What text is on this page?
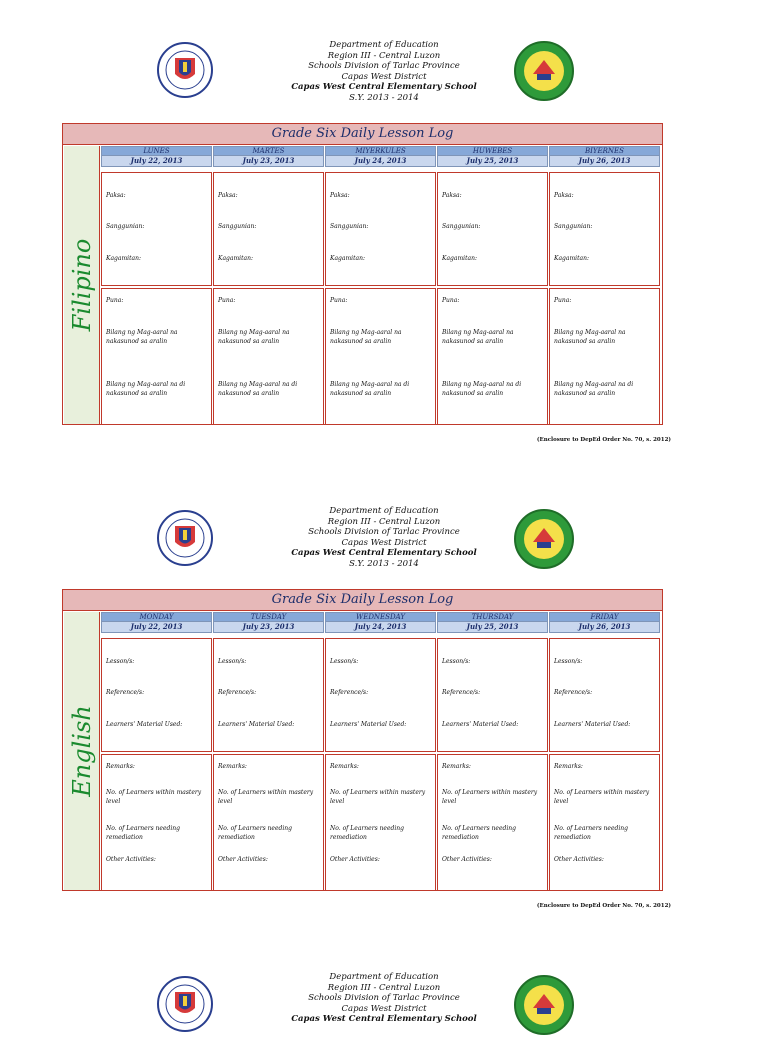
Department of Education
Region III - Central Luzon
Schools Division of Tarlac Province
Capas West District
Capas West Central Elementary School
S.Y. 2013 - 2014
Grade Six Daily Lesson Log
Filipino
LUNES
July 22, 2013
Paksa:
Sanggunian:
Kagamitan:
Puna:
Bilang ng Mag-aaral na nakasunod sa aralin
Bilang ng Mag-aaral na di nakasunod sa aralin
MARTES
July 23, 2013
Paksa:
Sanggunian:
Kagamitan:
Puna:
Bilang ng Mag-aaral na nakasunod sa aralin
Bilang ng Mag-aaral na di nakasunod sa aralin
MIYERKULES
July 24, 2013
Paksa:
Sanggunian:
Kagamitan:
Puna:
Bilang ng Mag-aaral na nakasunod sa aralin
Bilang ng Mag-aaral na di nakasunod sa aralin
HUWEBES
July 25, 2013
Paksa:
Sanggunian:
Kagamitan:
Puna:
Bilang ng Mag-aaral na nakasunod sa aralin
Bilang ng Mag-aaral na di nakasunod sa aralin
BIYERNES
July 26, 2013
Paksa:
Sanggunian:
Kagamitan:
Puna:
Bilang ng Mag-aaral na nakasunod sa aralin
Bilang ng Mag-aaral na di nakasunod sa aralin
(Enclosure to DepEd Order No. 70, s. 2012)
Department of Education
Region III - Central Luzon
Schools Division of Tarlac Province
Capas West District
Capas West Central Elementary School
S.Y. 2013 - 2014
Grade Six Daily Lesson Log
English
MONDAY
July 22, 2013
Lesson/s:
Reference/s:
Learners' Material Used:
Remarks:
No. of Learners within mastery level
No. of Learners needing remediation
Other Activities:
TUESDAY
July 23, 2013
Lesson/s:
Reference/s:
Learners' Material Used:
Remarks:
No. of Learners within mastery level
No. of Learners needing remediation
Other Activities:
WEDNESDAY
July 24, 2013
Lesson/s:
Reference/s:
Learners' Material Used:
Remarks:
No. of Learners within mastery level
No. of Learners needing remediation
Other Activities:
THURSDAY
July 25, 2013
Lesson/s:
Reference/s:
Learners' Material Used:
Remarks:
No. of Learners within mastery level
No. of Learners needing remediation
Other Activities:
FRIDAY
July 26, 2013
Lesson/s:
Reference/s:
Learners' Material Used:
Remarks:
No. of Learners within mastery level
No. of Learners needing remediation
Other Activities:
(Enclosure to DepEd Order No. 70, s. 2012)
Department of Education
Region III - Central Luzon
Schools Division of Tarlac Province
Capas West District
Capas West Central Elementary School
